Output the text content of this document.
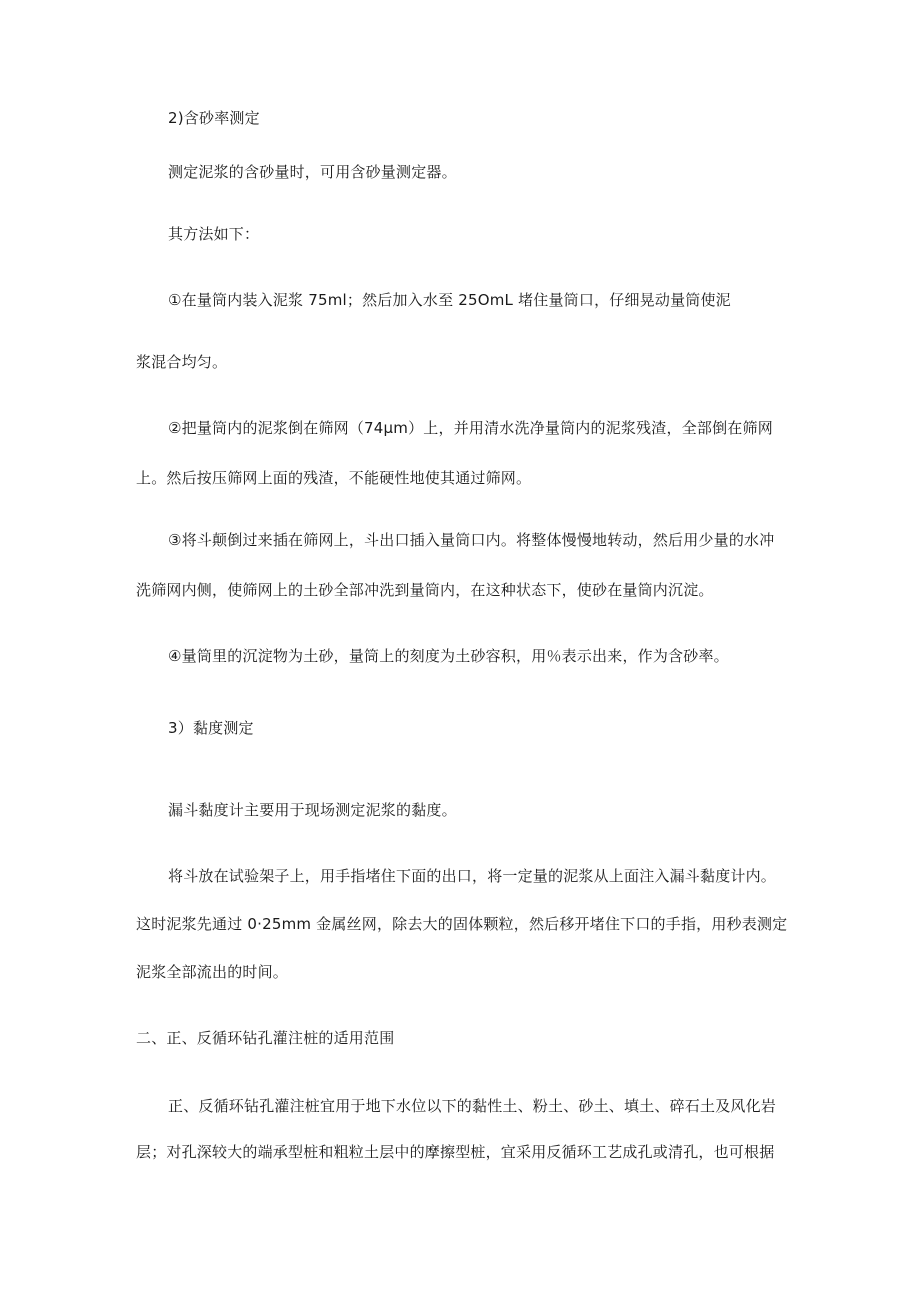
2)含砂率测定
测定泥浆的含砂量时，可用含砂量测定器。
其方法如下：
①在量筒内装入泥浆 75ml；然后加入水至 25OmL 堵住量筒口，仔细晃动量筒使泥
浆混合均匀。
②把量筒内的泥浆倒在筛网（74μm）上，并用清水洗净量筒内的泥浆残渣，全部倒在筛网
上。然后按压筛网上面的残渣，不能硬性地使其通过筛网。
③将斗颠倒过来插在筛网上，斗出口插入量筒口内。将整体慢慢地转动，然后用少量的水冲
洗筛网内侧，使筛网上的土砂全部冲洗到量筒内，在这种状态下，使砂在量筒内沉淀。
④量筒里的沉淀物为土砂，量筒上的刻度为土砂容积，用％表示出来，作为含砂率。
3）黏度测定
漏斗黏度计主要用于现场测定泥浆的黏度。
将斗放在试验架子上，用手指堵住下面的出口，将一定量的泥浆从上面注入漏斗黏度计内。
这时泥浆先通过 0·25mm 金属丝网，除去大的固体颗粒，然后移开堵住下口的手指，用秒表测定
泥浆全部流出的时间。
二、正、反循环钻孔灌注桩的适用范围
正、反循环钻孔灌注桩宜用于地下水位以下的黏性土、粉土、砂土、填土、碎石土及风化岩
层；对孔深较大的端承型桩和粗粒土层中的摩擦型桩，宜采用反循环工艺成孔或清孔，也可根据
